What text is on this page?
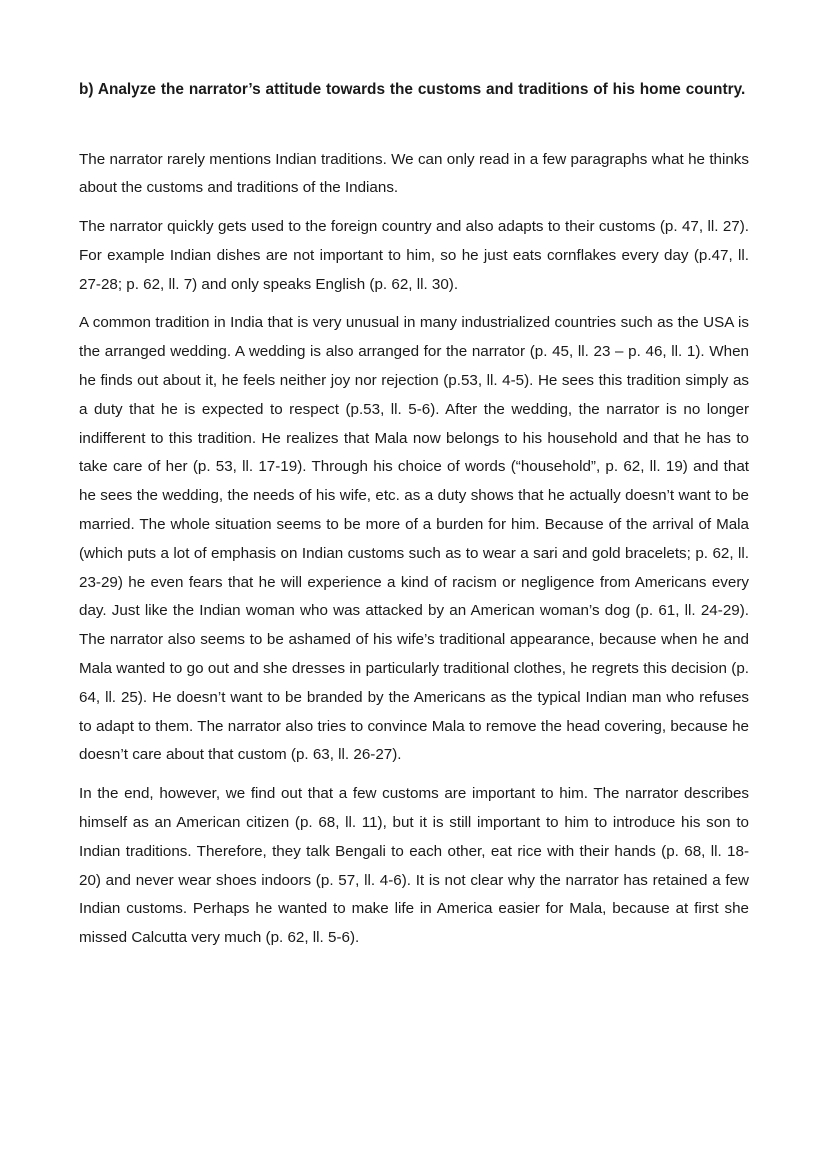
b) Analyze the narrator’s attitude towards the customs and traditions of his home country.

The narrator rarely mentions Indian traditions. We can only read in a few paragraphs what he thinks about the customs and traditions of the Indians.

The narrator quickly gets used to the foreign country and also adapts to their customs (p. 47, ll. 27). For example Indian dishes are not important to him, so he just eats cornflakes every day (p.47, ll. 27-28; p. 62, ll. 7) and only speaks English (p. 62, ll. 30).

A common tradition in India that is very unusual in many industrialized countries such as the USA is the arranged wedding. A wedding is also arranged for the narrator (p. 45, ll. 23 – p. 46, ll. 1). When he finds out about it, he feels neither joy nor rejection (p.53, ll. 4-5). He sees this tradition simply as a duty that he is expected to respect (p.53, ll. 5-6). After the wedding, the narrator is no longer indifferent to this tradition. He realizes that Mala now belongs to his household and that he has to take care of her (p. 53, ll. 17-19). Through his choice of words (“household”, p. 62, ll. 19) and that he sees the wedding, the needs of his wife, etc. as a duty shows that he actually doesn’t want to be married. The whole situation seems to be more of a burden for him. Because of the arrival of Mala (which puts a lot of emphasis on Indian customs such as to wear a sari and gold bracelets; p. 62, ll. 23-29) he even fears that he will experience a kind of racism or negligence from Americans every day. Just like the Indian woman who was attacked by an American woman’s dog (p. 61, ll. 24-29). The narrator also seems to be ashamed of his wife’s traditional appearance, because when he and Mala wanted to go out and she dresses in particularly traditional clothes, he regrets this decision (p. 64, ll. 25). He doesn’t want to be branded by the Americans as the typical Indian man who refuses to adapt to them. The narrator also tries to convince Mala to remove the head covering, because he doesn’t care about that custom (p. 63, ll. 26-27).

In the end, however, we find out that a few customs are important to him. The narrator describes himself as an American citizen (p. 68, ll. 11), but it is still important to him to introduce his son to Indian traditions. Therefore, they talk Bengali to each other, eat rice with their hands (p. 68, ll. 18-20) and never wear shoes indoors (p. 57, ll. 4-6). It is not clear why the narrator has retained a few Indian customs. Perhaps he wanted to make life in America easier for Mala, because at first she missed Calcutta very much (p. 62, ll. 5-6).
